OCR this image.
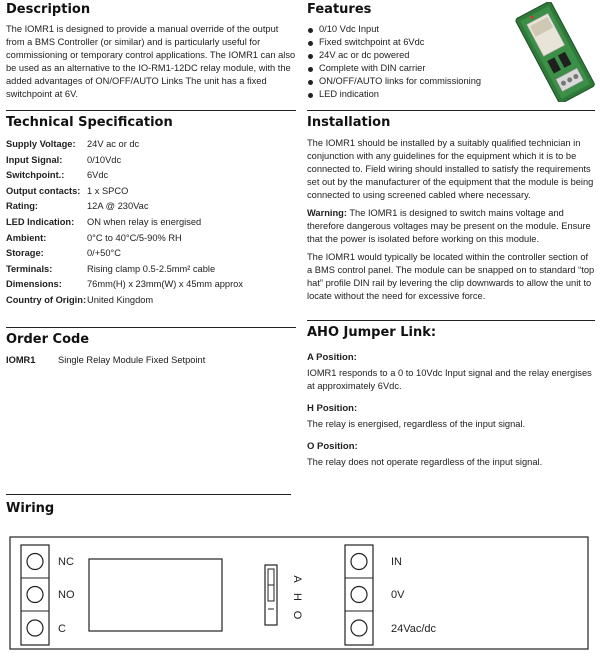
Description
The IOMR1 is designed to provide a manual override of the output from a BMS Controller (or similar) and is particularly useful for commissioning or temporary control applications. The IOMR1 can also be used as an alternative to the IO-RM1-12DC relay module, with the added advantages of ON/OFF/AUTO Links The unit has a fixed switchpoint at 6V.
Features
0/10 Vdc Input
Fixed switchpoint at 6Vdc
24V ac or dc powered
Complete with DIN carrier
ON/OFF/AUTO links for commissioning
LED indication
Technical Specification
Supply Voltage:	24V ac or dc
Input Signal:	0/10Vdc
Switchpoint.:	6Vdc
Output contacts:	1 x SPCO
Rating:	12A @ 230Vac
LED Indication:	ON when relay is energised
Ambient:	0°C to 40°C/5-90% RH
Storage:	0/+50°C
Terminals:	Rising clamp 0.5-2.5mm² cable
Dimensions:	76mm(H) x 23mm(W) x 45mm approx
Country of Origin:	United Kingdom
Installation
The IOMR1 should be installed by a suitably qualified technician in conjunction with any guidelines for the equipment which it is to be connected to. Field wiring should installed to satisfy the requirements set out by the manufacturer of the equipment that the module is being connected to using screened cabled where necessary.
Warning: The IOMR1 is designed to switch mains voltage and therefore dangerous voltages may be present on the module. Ensure that the power is isolated before working on this module.
The IOMR1 would typically be located within the controller section of a BMS control panel. The module can be snapped on to standard “top hat” profile DIN rail by levering the clip downwards to allow the unit to locate without the need for excessive force.
Order Code
IOMR1	Single Relay Module Fixed Setpoint
AHO Jumper Link:
A Position:
IOMR1 responds to a 0 to 10Vdc Input signal and the relay energises at approximately 6Vdc.
H Position:
The relay is energised, regardless of the input signal.
O Position:
The relay does not operate regardless of the input signal.
Wiring
NC
NO
C
A
H
O
IN
0V
24Vac/dc
